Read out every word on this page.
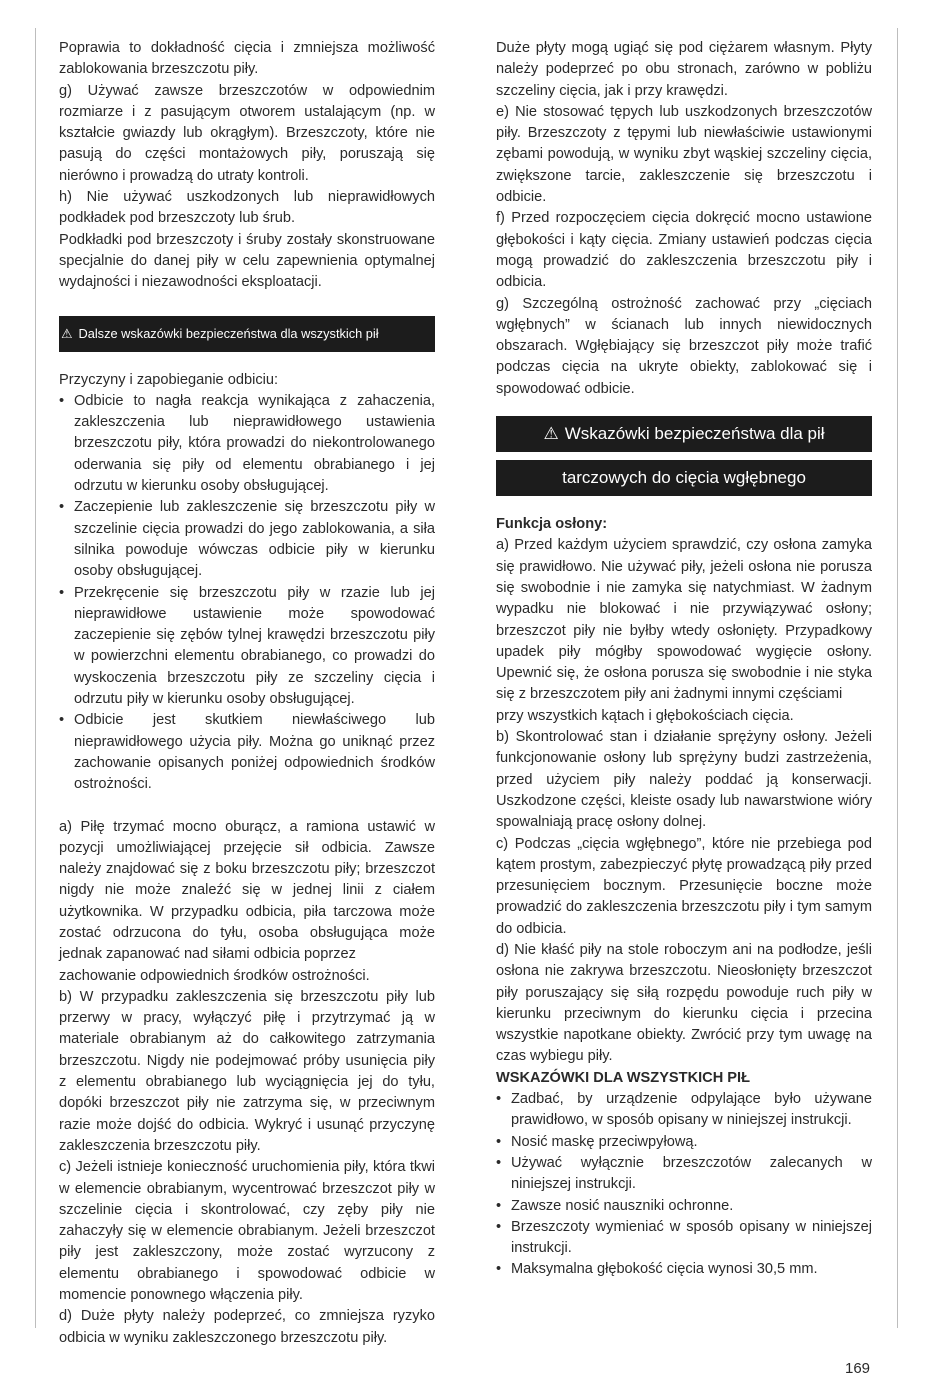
Poprawia to dokładność cięcia i zmniejsza możliwość zablokowania brzeszczotu piły.

g) Używać zawsze brzeszczotów w odpowiednim rozmiarze i z pasującym otworem ustalającym (np. w kształcie gwiazdy lub okrągłym). Brzeszczoty, które nie pasują do części montażowych piły, poruszają się nierówno i prowadzą do utraty kontroli.

h) Nie używać uszkodzonych lub nieprawidłowych podkładek pod brzeszczoty lub śrub.

Podkładki pod brzeszczoty i śruby zostały skonstruowane specjalnie do danej piły w celu zapewnienia optymalnej wydajności i niezawodności eksploatacji.

⚠ Dalsze wskazówki bezpieczeństwa dla wszystkich pił

Przyczyny i zapobieganie odbiciu:

• Odbicie to nagła reakcja wynikająca z zahaczenia, zakleszczenia lub nieprawidłowego ustawienia brzeszczotu piły, która prowadzi do niekontrolowanego oderwania się piły od elementu obrabianego i jej odrzutu w kierunku osoby obsługującej.
• Zaczepienie lub zakleszczenie się brzeszczotu piły w szczelinie cięcia prowadzi do jego zablokowania, a siła silnika powoduje wówczas odbicie piły w kierunku osoby obsługującej.
• Przekręcenie się brzeszczotu piły w rzazie lub jej nieprawidłowe ustawienie może spowodować zaczepienie się zębów tylnej krawędzi brzeszczotu piły w powierzchni elementu obrabianego, co prowadzi do wyskoczenia brzeszczotu piły ze szczeliny cięcia i odrzutu piły w kierunku osoby obsługującej.
• Odbicie jest skutkiem niewłaściwego lub nieprawidłowego użycia piły. Można go uniknąć przez zachowanie opisanych poniżej odpowiednich środków ostrożności.

a) Piłę trzymać mocno oburącz, a ramiona ustawić w pozycji umożliwiającej przejęcie sił odbicia. Zawsze należy znajdować się z boku brzeszczotu piły; brzeszczot nigdy nie może znaleźć się w jednej linii z ciałem użytkownika. W przypadku odbicia, piła tarczowa może zostać odrzucona do tyłu, osoba obsługująca może jednak zapanować nad siłami odbicia poprzez

zachowanie odpowiednich środków ostrożności.

b) W przypadku zakleszczenia się brzeszczotu piły lub przerwy w pracy, wyłączyć piłę i przytrzymać ją w materiale obrabianym aż do całkowitego zatrzymania brzeszczotu. Nigdy nie podejmować próby usunięcia piły z elementu obrabianego lub wyciągnięcia jej do tyłu, dopóki brzeszczot piły nie zatrzyma się, w przeciwnym razie może dojść do odbicia. Wykryć i usunąć przyczynę zakleszczenia brzeszczotu piły.

c) Jeżeli istnieje konieczność uruchomienia piły, która tkwi w elemencie obrabianym, wycentrować brzeszczot piły w szczelinie cięcia i skontrolować, czy zęby piły nie zahaczyły się w elemencie obrabianym. Jeżeli brzeszczot piły jest zakleszczony, może zostać wyrzucony z elementu obrabianego i spowodować odbicie w momencie ponownego włączenia piły.

d) Duże płyty należy podeprzeć, co zmniejsza ryzyko odbicia w wyniku zakleszczonego brzeszczotu piły.

Duże płyty mogą ugiąć się pod ciężarem własnym. Płyty należy podeprzeć po obu stronach, zarówno w pobliżu szczeliny cięcia, jak i przy krawędzi.

e) Nie stosować tępych lub uszkodzonych brzeszczotów piły. Brzeszczoty z tępymi lub niewłaściwie ustawionymi zębami powodują, w wyniku zbyt wąskiej szczeliny cięcia, zwiększone tarcie, zakleszczenie się brzeszczotu i odbicie.

f) Przed rozpoczęciem cięcia dokręcić mocno ustawione głębokości i kąty cięcia. Zmiany ustawień podczas cięcia mogą prowadzić do zakleszczenia brzeszczotu piły i odbicia.

g) Szczególną ostrożność zachować przy „cięciach wgłębnych” w ścianach lub innych niewidocznych obszarach. Wgłębiający się brzeszczot piły może trafić podczas cięcia na ukryte obiekty, zablokować się i spowodować odbicie.

⚠ Wskazówki bezpieczeństwa dla pił
tarczowych do cięcia wgłębnego

Funkcja osłony:

a) Przed każdym użyciem sprawdzić, czy osłona zamyka się prawidłowo. Nie używać piły, jeżeli osłona nie porusza się swobodnie i nie zamyka się natychmiast. W żadnym wypadku nie blokować i nie przywiązywać osłony; brzeszczot piły nie byłby wtedy osłonięty. Przypadkowy upadek piły mógłby spowodować wygięcie osłony. Upewnić się, że osłona porusza się swobodnie i nie styka się z brzeszczotem piły ani żadnymi innymi częściami

przy wszystkich kątach i głębokościach cięcia.

b) Skontrolować stan i działanie sprężyny osłony. Jeżeli funkcjonowanie osłony lub sprężyny budzi zastrzeżenia, przed użyciem piły należy poddać ją konserwacji. Uszkodzone części, kleiste osady lub nawarstwione wióry spowalniają pracę osłony dolnej.

c) Podczas „cięcia wgłębnego”, które nie przebiega pod kątem prostym, zabezpieczyć płytę prowadzącą piły przed przesunięciem bocznym. Przesunięcie boczne może prowadzić do zakleszczenia brzeszczotu piły i tym samym do odbicia.

d) Nie kłaść piły na stole roboczym ani na podłodze, jeśli osłona nie zakrywa brzeszczotu. Nieosłonięty brzeszczot piły poruszający się siłą rozpędu powoduje ruch piły w kierunku przeciwnym do kierunku cięcia i przecina wszystkie napotkane obiekty. Zwrócić przy tym uwagę na czas wybiegu piły.

WSKAZÓWKI DLA WSZYSTKICH PIŁ

• Zadbać, by urządzenie odpylające było używane prawidłowo, w sposób opisany w niniejszej instrukcji.
• Nosić maskę przeciwpyłową.
• Używać wyłącznie brzeszczotów zalecanych w niniejszej instrukcji.
• Zawsze nosić nauszniki ochronne.
• Brzeszczoty wymieniać w sposób opisany w niniejszej instrukcji.
• Maksymalna głębokość cięcia wynosi 30,5 mm.
169
